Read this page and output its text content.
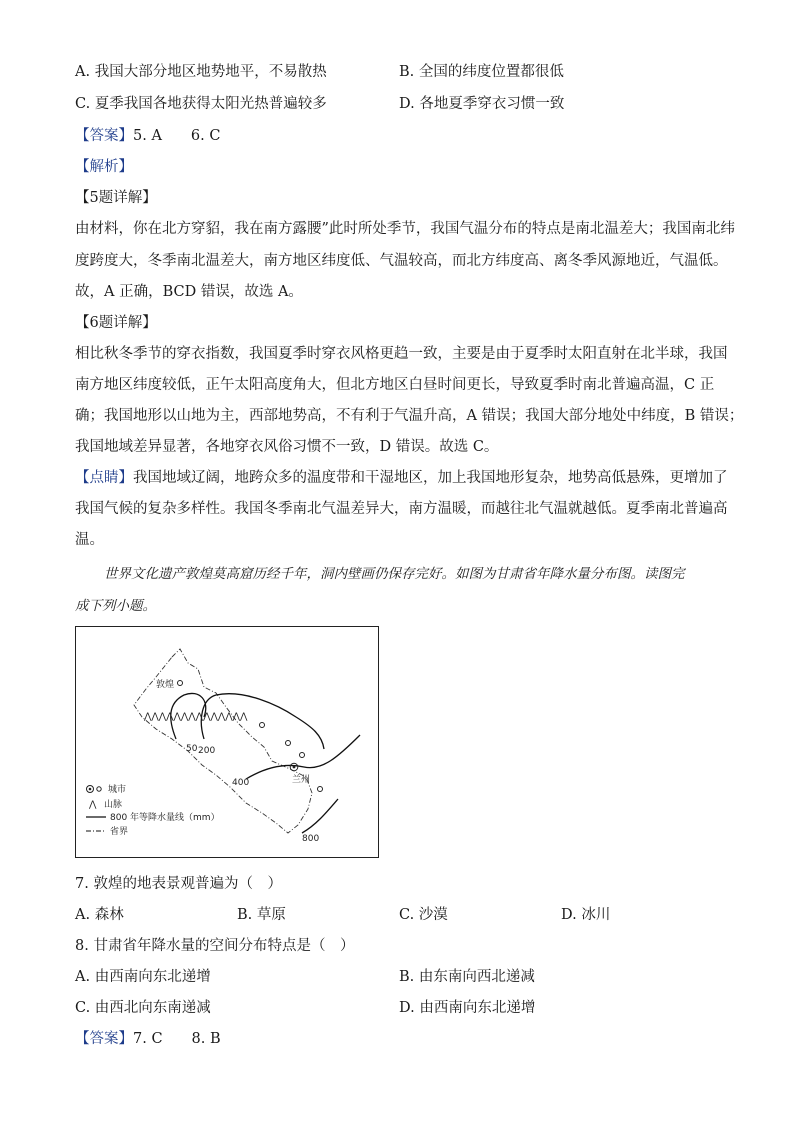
A. 我国大部分地区地势地平，不易散热	B. 全国的纬度位置都很低
C. 夏季我国各地获得太阳光热普遍较多	D. 各地夏季穿衣习惯一致
【答案】5. A　　6. C
【解析】
【5题详解】
由材料，你在北方穿貂，我在南方露腰”此时所处季节，我国气温分布的特点是南北温差大；我国南北纬
度跨度大，冬季南北温差大，南方地区纬度低、气温较高，而北方纬度高、离冬季风源地近，气温低。
故，A 正确，BCD 错误，故选 A。
【6题详解】
相比秋冬季节的穿衣指数，我国夏季时穿衣风格更趋一致，主要是由于夏季时太阳直射在北半球，我国
南方地区纬度较低，正午太阳高度角大，但北方地区白昼时间更长，导致夏季时南北普遍高温，C 正
确；我国地形以山地为主，西部地势高，不有利于气温升高，A 错误；我国大部分地处中纬度，B 错误；
我国地域差异显著，各地穿衣风俗习惯不一致，D 错误。故选 C。
【点睛】我国地域辽阔，地跨众多的温度带和干湿地区，加上我国地形复杂，地势高低悬殊，更增加了
我国气候的复杂多样性。我国冬季南北气温差异大，南方温暖，而越往北气温就越低。夏季南北普遍高
温。
世界文化遗产敦煌莫高窟历经千年，洞内壁画仍保存完好。如图为甘肃省年降水量分布图。读图完
成下列小题。
⋀⋀⋀⋀⋀⋀⋀⋀⋀⋀⋀⋀⋀⋀
敦煌
兰州
50 200
400
800
城市
⋀ 山脉
800 年等降水量线（mm）
省界
7. 敦煌的地表景观普遍为（　）
A. 森林	B. 草原	C. 沙漠	D. 冰川
8. 甘肃省年降水量的空间分布特点是（　）
A. 由西南向东北递增	B. 由东南向西北递减
C. 由西北向东南递减	D. 由西南向东北递增
【答案】7. C　　8. B
